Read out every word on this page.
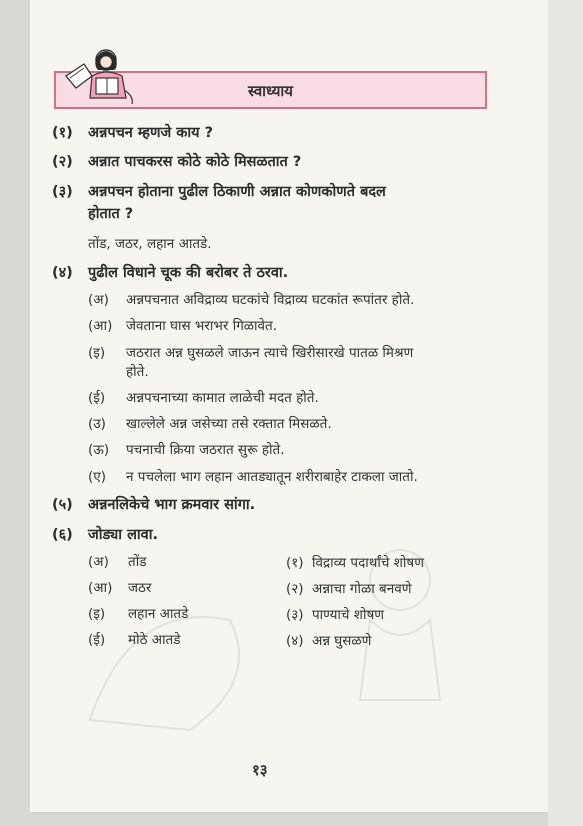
स्वाध्याय
(१) अन्नपचन म्हणजे काय ?
(२) अन्नात पाचकरस कोठे कोठे मिसळतात ?
(३) अन्नपचन होताना पुढील ठिकाणी अन्नात कोणकोणते बदल
होतात ?
तोंड, जठर, लहान आतडे.
(४) पुढील विधाने चूक की बरोबर ते ठरवा.
(अ) अन्नपचनात अविद्राव्य घटकांचे विद्राव्य घटकांत रूपांतर होते.
(आ) जेवताना घास भराभर गिळावेत.
(इ) जठरात अन्न घुसळले जाऊन त्याचे खिरीसारखे पातळ मिश्रण
होते.
(ई) अन्नपचनाच्या कामात लाळेची मदत होते.
(उ) खाल्लेले अन्न जसेच्या तसे रक्तात मिसळते.
(ऊ) पचनाची क्रिया जठरात सुरू होते.
(ए) न पचलेला भाग लहान आतड्यातून शरीराबाहेर टाकला जातो.
(५) अन्ननलिकेचे भाग क्रमवार सांगा.
(६) जोड्या लावा.
(अ) तोंड
(आ) जठर
(इ) लहान आतडे
(ई) मोठे आतडे
(१) विद्राव्य पदार्थांचे शोषण
(२) अन्नाचा गोळा बनवणे
(३) पाण्याचे शोषण
(४) अन्न घुसळणे
१३
